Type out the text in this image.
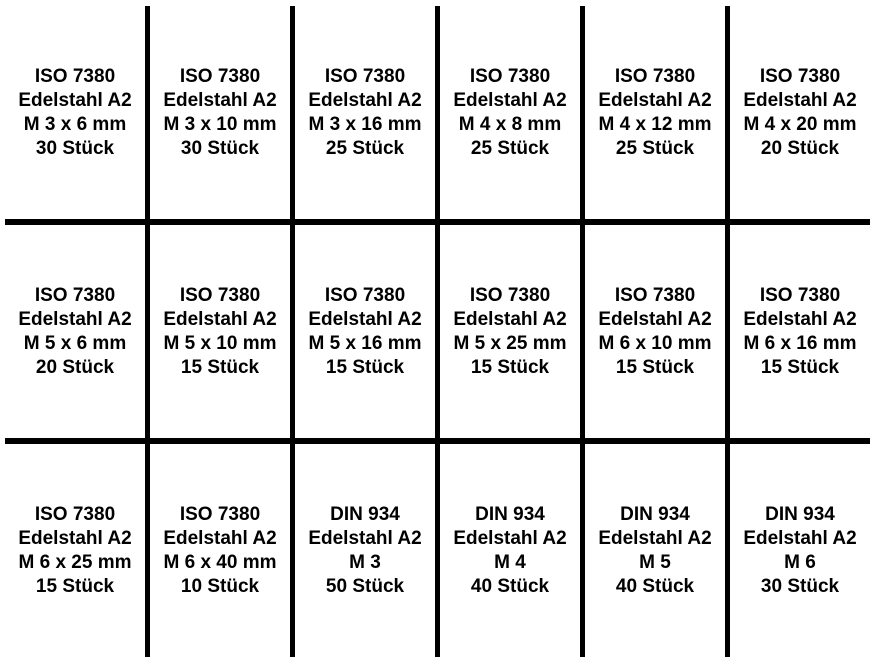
ISO 7380
Edelstahl A2
M 3 x 6 mm
30 Stück
ISO 7380
Edelstahl A2
M 3 x 10 mm
30 Stück
ISO 7380
Edelstahl A2
M 3 x 16 mm
25 Stück
ISO 7380
Edelstahl A2
M 4 x 8 mm
25 Stück
ISO 7380
Edelstahl A2
M 4 x 12 mm
25 Stück
ISO 7380
Edelstahl A2
M 4 x 20 mm
20 Stück
ISO 7380
Edelstahl A2
M 5 x 6 mm
20 Stück
ISO 7380
Edelstahl A2
M 5 x 10 mm
15 Stück
ISO 7380
Edelstahl A2
M 5 x 16 mm
15 Stück
ISO 7380
Edelstahl A2
M 5 x 25 mm
15 Stück
ISO 7380
Edelstahl A2
M 6 x 10 mm
15 Stück
ISO 7380
Edelstahl A2
M 6 x 16 mm
15 Stück
ISO 7380
Edelstahl A2
M 6 x 25 mm
15 Stück
ISO 7380
Edelstahl A2
M 6 x 40 mm
10 Stück
DIN 934
Edelstahl A2
M 3
50 Stück
DIN 934
Edelstahl A2
M 4
40 Stück
DIN 934
Edelstahl A2
M 5
40 Stück
DIN 934
Edelstahl A2
M 6
30 Stück
